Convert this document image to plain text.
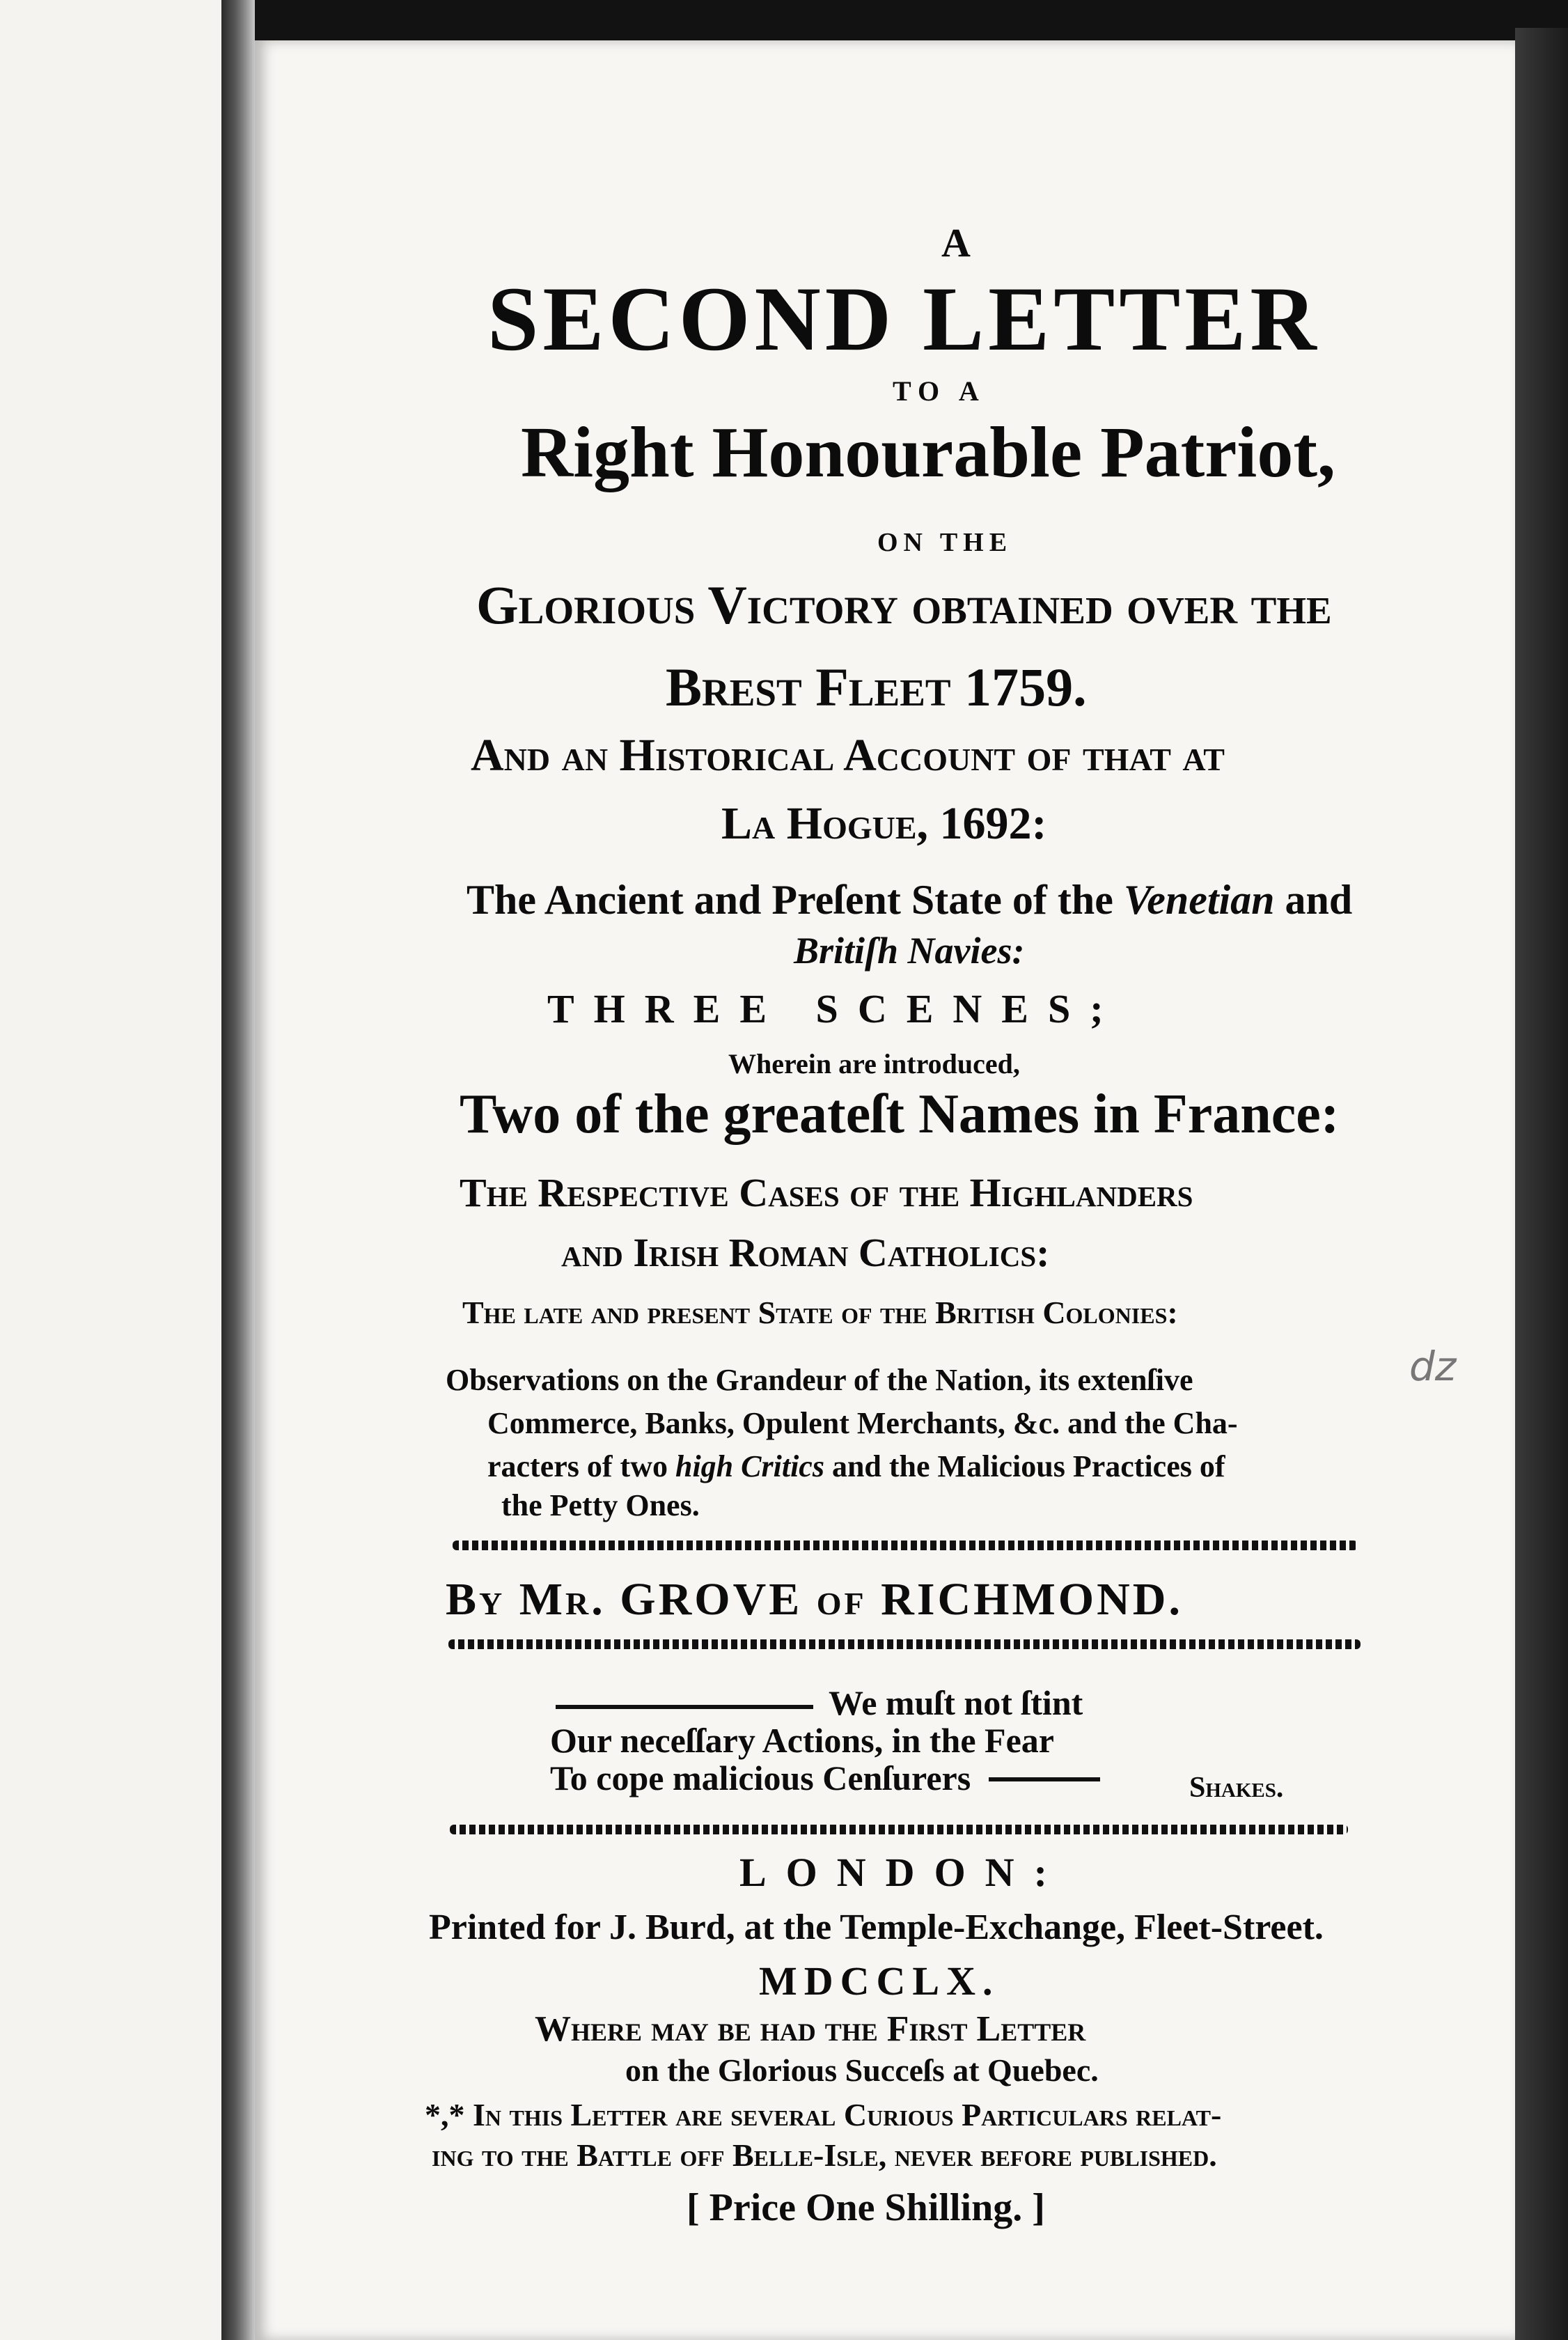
A
SECOND LETTER
TO A
Right Honourable Patriot,
ON THE
Glorious Victory obtained over the
Brest Fleet 1759.
And an Historical Account of that at
La Hogue, 1692:
The Ancient and Preſent State of the Venetian and
Britiſh Navies:
THREE SCENES;
Wherein are introduced,
Two of the greateſt Names in France:
The Reſpective Caſes of the Highlanders
and Irish Roman Catholics:
The late and preſent State of the British Colonies:
Observations on the Grandeur of the Nation, its extenſive
Commerce, Banks, Opulent Merchants, &c. and the Cha-
racters of two high Critics and the Malicious Practices of
the Petty Ones.
By Mr. GROVE of RICHMOND.
We muſt not ſtint
Our neceſſary Actions, in the Fear
To cope malicious Cenſurers	Shakes.
LONDON:
Printed for J. Burd, at the Temple-Exchange, Fleet-Street.
MDCCLX.
Where may be had the First Letter
on the Glorious Succeſs at Quebec.
*,* In this Letter are ſeveral Curious Particulars relat-
ing to the Battle off Belle-Isle, never before publiſhed.
[ Price One Shilling. ]
dz
